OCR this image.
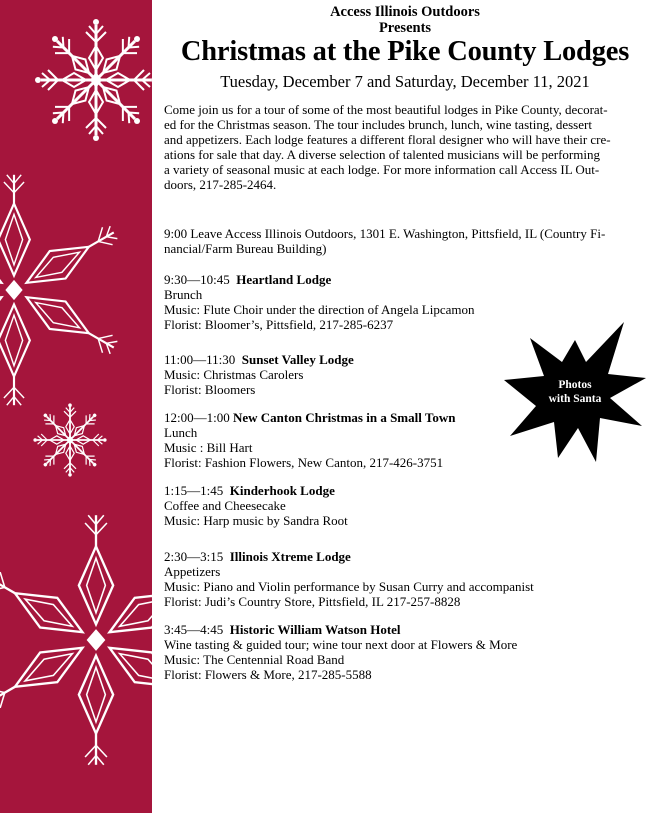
Access Illinois Outdoors
Presents
Christmas at the Pike County Lodges
Tuesday, December 7 and Saturday, December 11, 2021
Come join us for a tour of some of the most beautiful lodges in Pike County, decorat-
ed for the Christmas season. The tour includes brunch, lunch, wine tasting, dessert
and appetizers. Each lodge features a different floral designer who will have their cre-
ations for sale that day. A diverse selection of talented musicians will be performing
a variety of seasonal music at each lodge. For more information call Access IL Out-
doors, 217-285-2464.
9:00 Leave Access Illinois Outdoors, 1301 E. Washington, Pittsfield, IL (Country Fi-
nancial/Farm Bureau Building)
9:30—10:45 Heartland Lodge
Brunch
Music: Flute Choir under the direction of Angela Lipcamon
Florist: Bloomer’s, Pittsfield, 217-285-6237
11:00—11:30 Sunset Valley Lodge
Music: Christmas Carolers
Florist: Bloomers
12:00—1:00 New Canton Christmas in a Small Town
Lunch
Music : Bill Hart
Florist: Fashion Flowers, New Canton, 217-426-3751
1:15—1:45 Kinderhook Lodge
Coffee and Cheesecake
Music: Harp music by Sandra Root
2:30—3:15 Illinois Xtreme Lodge
Appetizers
Music: Piano and Violin performance by Susan Curry and accompanist
Florist: Judi’s Country Store, Pittsfield, IL 217-257-8828
3:45—4:45 Historic William Watson Hotel
Wine tasting & guided tour; wine tour next door at Flowers & More
Music: The Centennial Road Band
Florist: Flowers & More, 217-285-5588
Photos
with Santa
